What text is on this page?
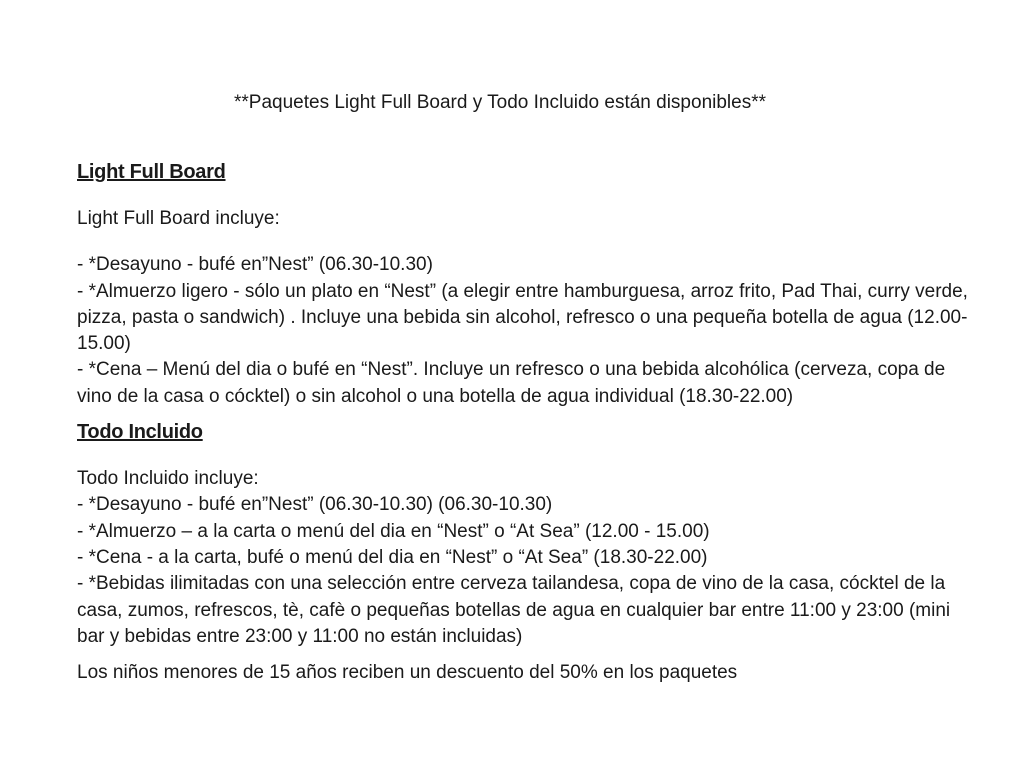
**Paquetes Light Full Board y Todo Incluido están disponibles**
Light Full Board

Light Full Board incluye:

- *Desayuno - bufé en”Nest” (06.30-10.30)
- *Almuerzo ligero - sólo un plato en “Nest” (a elegir entre hamburguesa, arroz frito, Pad Thai, curry verde, pizza, pasta o sandwich) . Incluye una bebida sin alcohol, refresco o una pequeña botella de agua (12.00-15.00)
- *Cena – Menú del dia o bufé en “Nest”. Incluye un refresco o una bebida alcohólica (cerveza, copa de vino de la casa o cócktel) o sin alcohol o una botella de agua individual (18.30-22.00)
Todo Incluido
Todo Incluido incluye:
- *Desayuno - bufé en”Nest” (06.30-10.30) (06.30-10.30)
- *Almuerzo – a la carta o menú del dia en “Nest” o “At Sea” (12.00 - 15.00)
- *Cena - a la carta, bufé o menú del dia en “Nest” o “At Sea” (18.30-22.00)
- *Bebidas ilimitadas con una selección entre cerveza tailandesa, copa de vino de la casa, cócktel de la casa, zumos, refrescos, tè, cafè o pequeñas botellas de agua en cualquier bar entre 11:00 y 23:00 (mini bar y bebidas entre 23:00 y 11:00 no están incluidas)

Los niños menores de 15 años reciben un descuento del 50% en los paquetes
